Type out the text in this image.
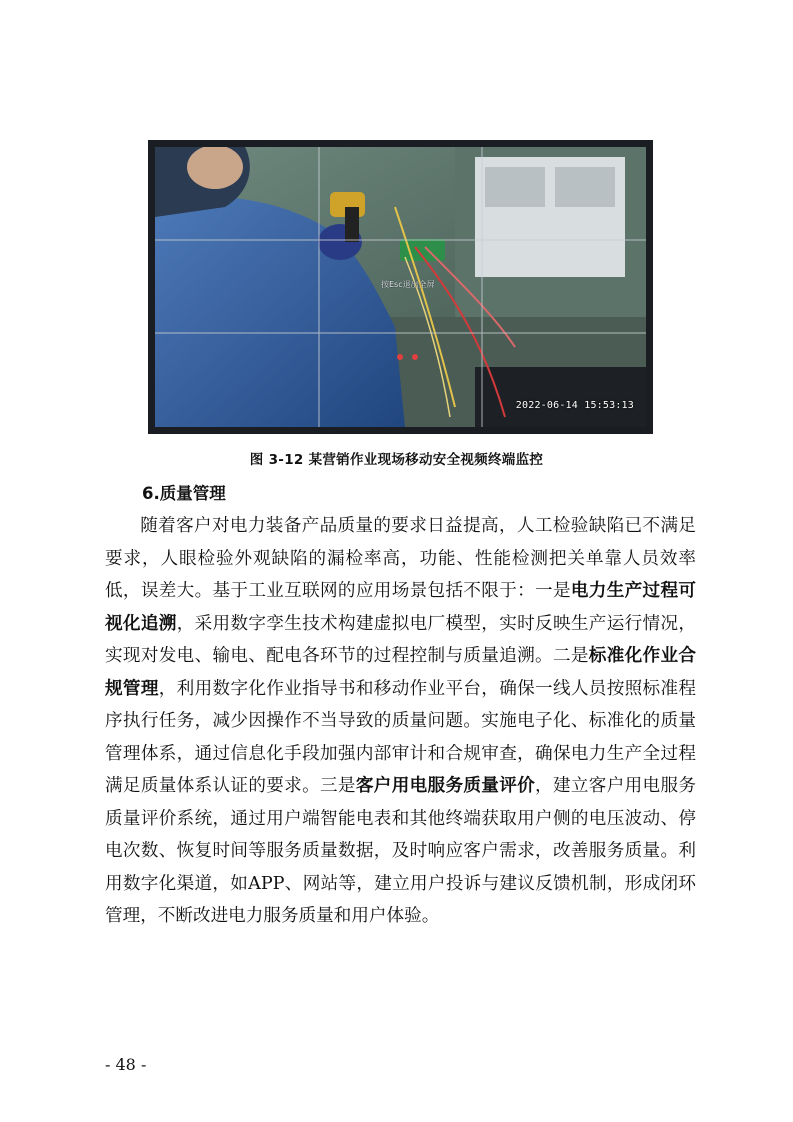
按Esc退出全屏
2022-06-14 15:53:13
图 3-12 某营销作业现场移动安全视频终端监控
6.质量管理

随着客户对电力装备产品质量的要求日益提高，人工检验缺陷已不满足要求，人眼检验外观缺陷的漏检率高，功能、性能检测把关单靠人员效率低，误差大。基于工业互联网的应用场景包括不限于：一是电力生产过程可视化追溯，采用数字孪生技术构建虚拟电厂模型，实时反映生产运行情况，实现对发电、输电、配电各环节的过程控制与质量追溯。二是标准化作业合规管理，利用数字化作业指导书和移动作业平台，确保一线人员按照标准程序执行任务，减少因操作不当导致的质量问题。实施电子化、标准化的质量管理体系，通过信息化手段加强内部审计和合规审查，确保电力生产全过程满足质量体系认证的要求。三是客户用电服务质量评价，建立客户用电服务质量评价系统，通过用户端智能电表和其他终端获取用户侧的电压波动、停电次数、恢复时间等服务质量数据，及时响应客户需求，改善服务质量。利用数字化渠道，如APP、网站等，建立用户投诉与建议反馈机制，形成闭环管理，不断改进电力服务质量和用户体验。

- 48 -
